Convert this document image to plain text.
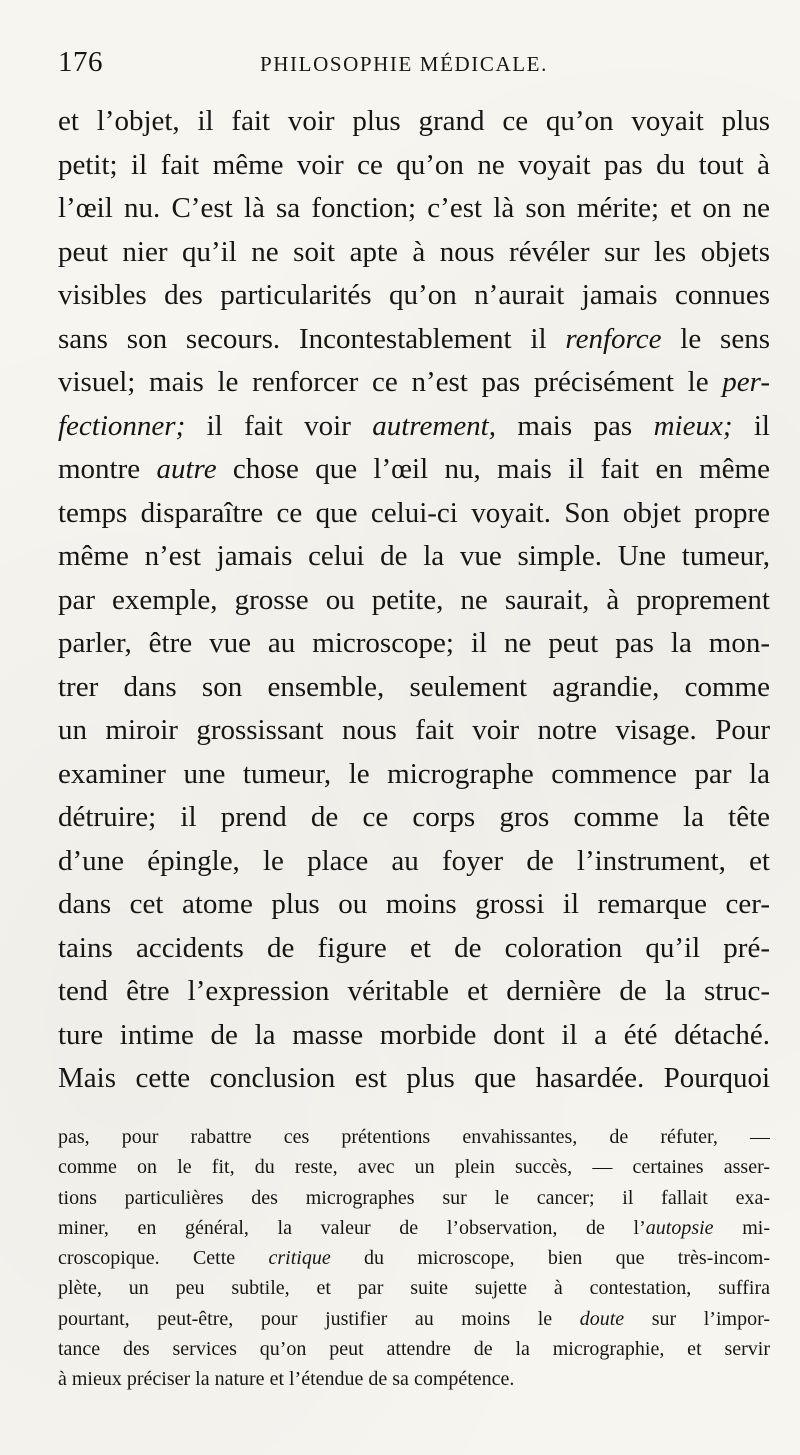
176	PHILOSOPHIE MÉDICALE.
et l’objet, il fait voir plus grand ce qu’on voyait plus
petit; il fait même voir ce qu’on ne voyait pas du tout à
l’œil nu. C’est là sa fonction; c’est là son mérite; et on ne
peut nier qu’il ne soit apte à nous révéler sur les objets
visibles des particularités qu’on n’aurait jamais connues
sans son secours. Incontestablement il renforce le sens
visuel; mais le renforcer ce n’est pas précisément le per-
fectionner; il fait voir autrement, mais pas mieux; il
montre autre chose que l’œil nu, mais il fait en même
temps disparaître ce que celui-ci voyait. Son objet propre
même n’est jamais celui de la vue simple. Une tumeur,
par exemple, grosse ou petite, ne saurait, à proprement
parler, être vue au microscope; il ne peut pas la mon-
trer dans son ensemble, seulement agrandie, comme
un miroir grossissant nous fait voir notre visage. Pour
examiner une tumeur, le micrographe commence par la
détruire; il prend de ce corps gros comme la tête
d’une épingle, le place au foyer de l’instrument, et
dans cet atome plus ou moins grossi il remarque cer-
tains accidents de figure et de coloration qu’il pré-
tend être l’expression véritable et dernière de la struc-
ture intime de la masse morbide dont il a été détaché.
Mais cette conclusion est plus que hasardée. Pourquoi
pas, pour rabattre ces prétentions envahissantes, de réfuter, —
comme on le fit, du reste, avec un plein succès, — certaines asser-
tions particulières des micrographes sur le cancer; il fallait exa-
miner, en général, la valeur de l’observation, de l’autopsie mi-
croscopique. Cette critique du microscope, bien que très-incom-
plète, un peu subtile, et par suite sujette à contestation, suffira
pourtant, peut-être, pour justifier au moins le doute sur l’impor-
tance des services qu’on peut attendre de la micrographie, et servir
à mieux préciser la nature et l’étendue de sa compétence.
